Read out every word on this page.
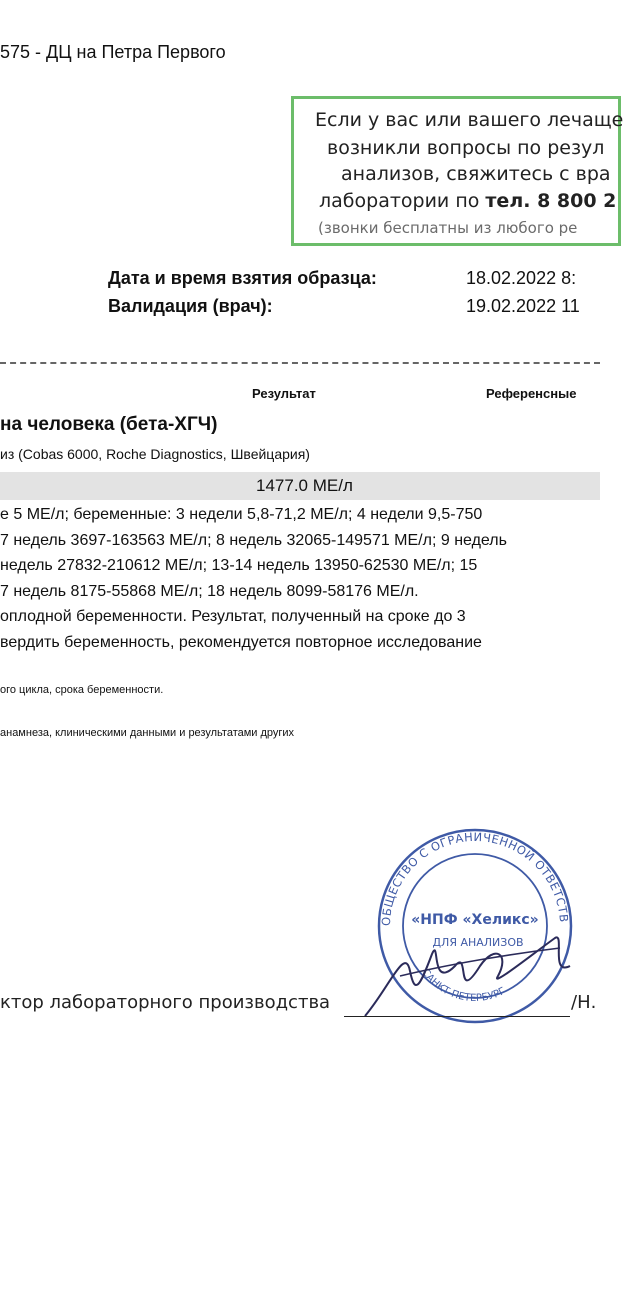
575 - ДЦ на Петра Первого
Если у вас или вашего лечаще
возникли вопросы по резул
анализов, свяжитесь с вра
лаборатории по тел. 8 800 2
(звонки бесплатны из любого ре
Дата и время взятия образца:	18.02.2022 8:
Валидация (врач):	19.02.2022 11
Результат	Референсные
на человека (бета-ХГЧ)
из (Cobas 6000, Roche Diagnostics, Швейцария)
1477.0 МЕ/л
е 5 МЕ/л; беременные: 3 недели 5,8-71,2 МЕ/л; 4 недели 9,5-750
7 недель 3697-163563 МЕ/л; 8 недель 32065-149571 МЕ/л; 9 недель
недель 27832-210612 МЕ/л; 13-14 недель 13950-62530 МЕ/л; 15
7 недель 8175-55868 МЕ/л; 18 недель 8099-58176 МЕ/л.
оплодной беременности. Результат, полученный на сроке до 3
вердить беременность, рекомендуется повторное исследование
ого цикла, срока беременности.
анамнеза, клиническими данными и результатами других
ОБЩЕСТВО С ОГРАНИЧЕННОЙ ОТВЕТСТВЕННОСТЬЮ
САНКТ-ПЕТЕРБУРГ
«НПФ «Хеликс»
ДЛЯ АНАЛИЗОВ
ктор лабораторного производства	/Н.
